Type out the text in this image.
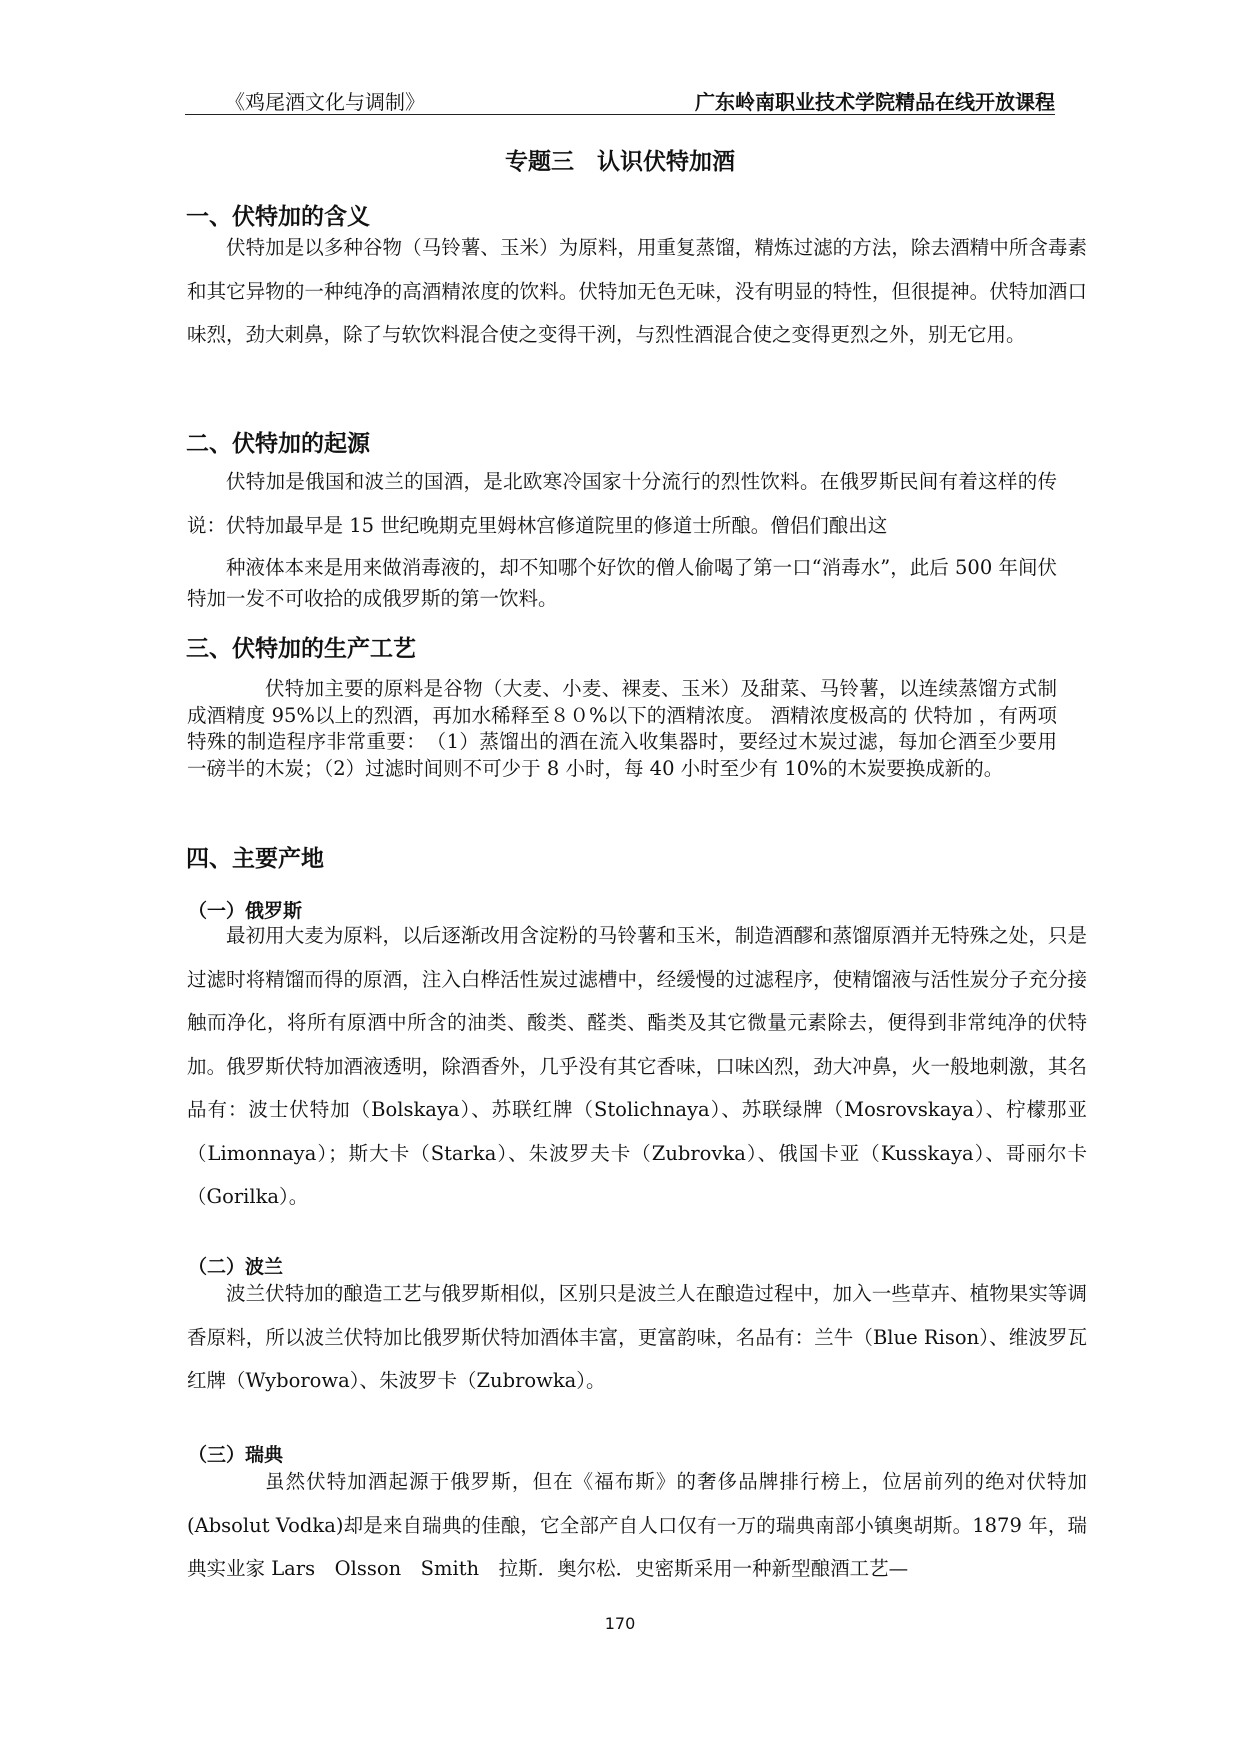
《鸡尾酒文化与调制》	广东岭南职业技术学院精品在线开放课程
专题三　认识伏特加酒
一、伏特加的含义

伏特加是以多种谷物（马铃薯、玉米）为原料，用重复蒸馏，精炼过滤的方法，除去酒精中所含毒素和其它异物的一种纯净的高酒精浓度的饮料。伏特加无色无味，没有明显的特性，但很提神。伏特加酒口味烈，劲大刺鼻，除了与软饮料混合使之变得干洌，与烈性酒混合使之变得更烈之外，别无它用。

二、伏特加的起源

伏特加是俄国和波兰的国酒，是北欧寒冷国家十分流行的烈性饮料。在俄罗斯民间有着这样的传说：伏特加最早是 15 世纪晚期克里姆林宫修道院里的修道士所酿。僧侣们酿出这

种液体本来是用来做消毒液的，却不知哪个好饮的僧人偷喝了第一口“消毒水”，此后 500 年间伏特加一发不可收拾的成俄罗斯的第一饮料。

三、伏特加的生产工艺

伏特加主要的原料是谷物（大麦、小麦、裸麦、玉米）及甜菜、马铃薯，以连续蒸馏方式制成酒精度 95%以上的烈酒，再加水稀释至８０%以下的酒精浓度。 酒精浓度极高的 伏特加 ，有两项特殊的制造程序非常重要：　（1）蒸馏出的酒在流入收集器时，要经过木炭过滤，每加仑酒至少要用一磅半的木炭；（2）过滤时间则不可少于 8 小时，每 40 小时至少有 10%的木炭要换成新的。

四、主要产地
（一）俄罗斯

最初用大麦为原料，以后逐渐改用含淀粉的马铃薯和玉米，制造酒醪和蒸馏原酒并无特殊之处，只是过滤时将精馏而得的原酒，注入白桦活性炭过滤槽中，经缓慢的过滤程序，使精馏液与活性炭分子充分接触而净化，将所有原酒中所含的油类、酸类、醛类、酯类及其它微量元素除去，便得到非常纯净的伏特加。俄罗斯伏特加酒液透明，除酒香外，几乎没有其它香味，口味凶烈，劲大冲鼻，火一般地刺激，其名品有：波士伏特加（Bolskaya）、苏联红牌（Stolichnaya）、苏联绿牌（Mosrovskaya）、柠檬那亚（Limonnaya）；斯大卡（Starka）、朱波罗夫卡（Zubrovka）、俄国卡亚（Kusskaya）、哥丽尔卡（Gorilka）。

（二）波兰

波兰伏特加的酿造工艺与俄罗斯相似，区别只是波兰人在酿造过程中，加入一些草卉、植物果实等调香原料，所以波兰伏特加比俄罗斯伏特加酒体丰富，更富韵味，名品有：兰牛（Blue Rison）、维波罗瓦红牌（Wyborowa）、朱波罗卡（Zubrowka）。

（三）瑞典

虽然伏特加酒起源于俄罗斯，但在《福布斯》的奢侈品牌排行榜上，位居前列的绝对伏特加(Absolut Vodka)却是来自瑞典的佳酿，它全部产自人口仅有一万的瑞典南部小镇奥胡斯。1879 年，瑞典实业家 Lars　Olsson　Smith　拉斯．奥尔松．史密斯采用一种新型酿酒工艺—

170
